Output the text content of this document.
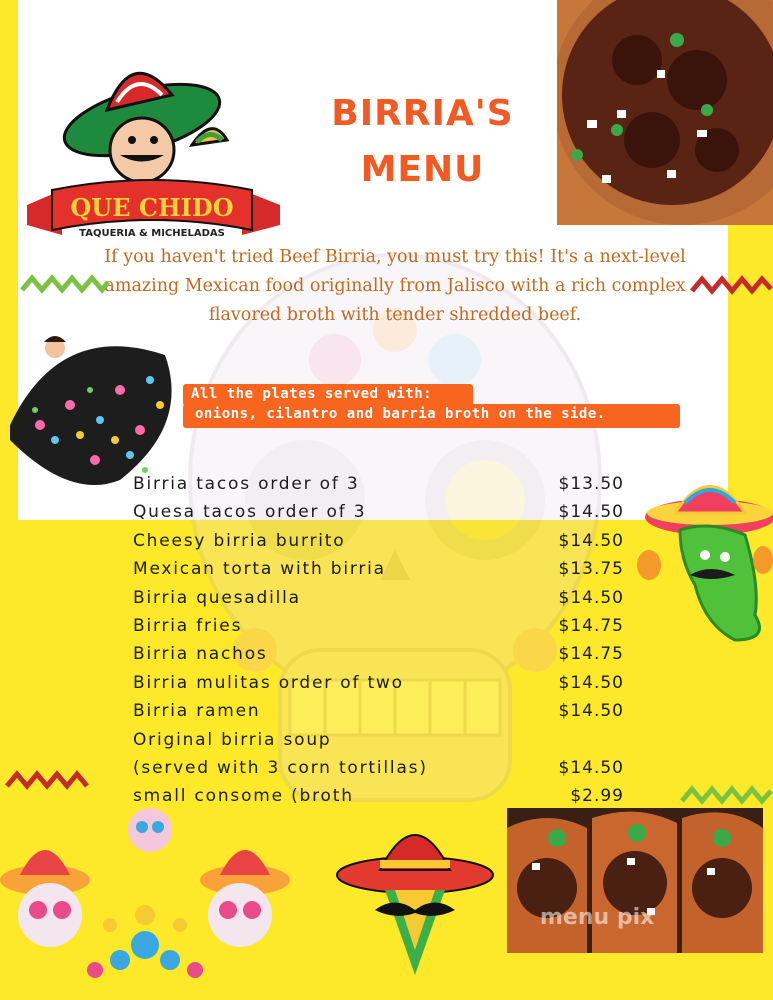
QUE CHIDO
TAQUERIA & MICHELADAS
BIRRIA'S
MENU
If you haven't tried Beef Birria, you must try this! It's a next-level amazing Mexican food originally from Jalisco with a rich complex flavored broth with tender shredded beef.
All the plates served with:
onions, cilantro and barria broth on the side.
Birria tacos order of 3	$13.50
Quesa tacos order of 3	$14.50
Cheesy birria burrito	$14.50
Mexican torta with birria	$13.75
Birria quesadilla	$14.50
Birria fries	$14.75
Birria nachos	$14.75
Birria mulitas order of two	$14.50
Birria ramen	$14.50
Original birria soup
(served with 3 corn tortillas)	$14.50
small consome (broth	$2.99
menu pix
